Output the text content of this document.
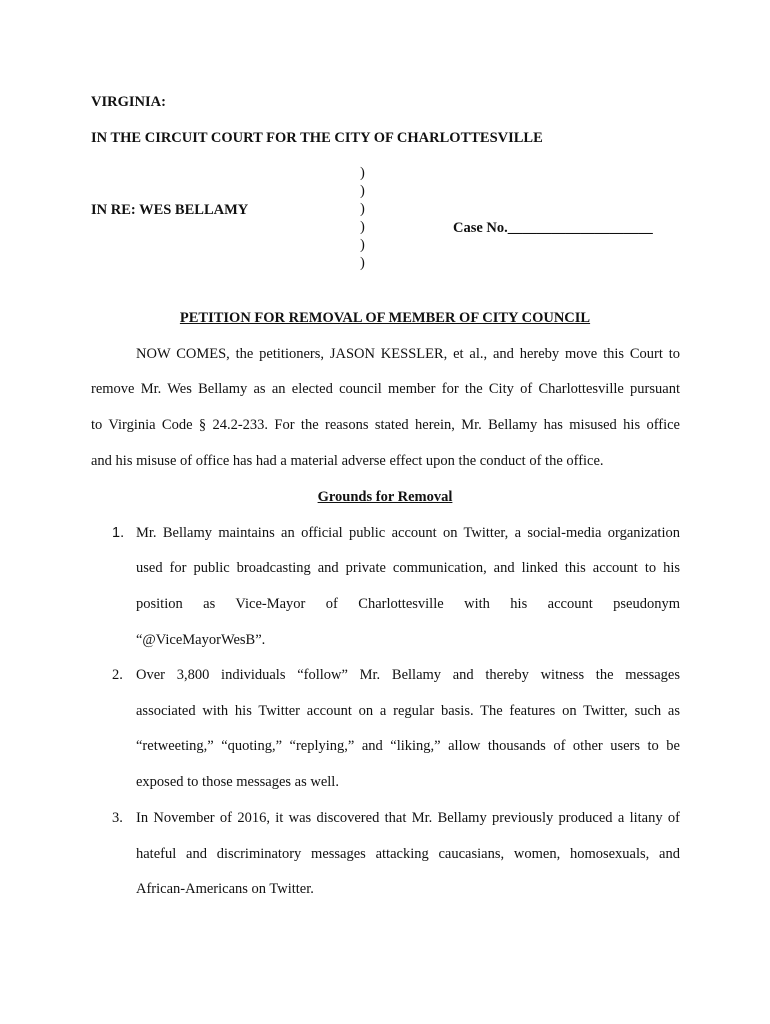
VIRGINIA:
IN THE CIRCUIT COURT FOR THE CITY OF CHARLOTTESVILLE
IN RE: WES BELLAMY
)
)
)
)
)
)
Case No.____________________
PETITION FOR REMOVAL OF MEMBER OF CITY COUNCIL
NOW COMES, the petitioners, JASON KESSLER, et al., and hereby move this Court to
remove Mr. Wes Bellamy as an elected council member for the City of Charlottesville pursuant
to Virginia Code § 24.2-233. For the reasons stated herein, Mr. Bellamy has misused his office
and his misuse of office has had a material adverse effect upon the conduct of the office.
Grounds for Removal
1. Mr. Bellamy maintains an official public account on Twitter, a social-media organization
used for public broadcasting and private communication, and linked this account to his
position as Vice-Mayor of Charlottesville with his account pseudonym
“@ViceMayorWesB”.
2. Over 3,800 individuals “follow” Mr. Bellamy and thereby witness the messages
associated with his Twitter account on a regular basis. The features on Twitter, such as
“retweeting,” “quoting,” “replying,” and “liking,” allow thousands of other users to be
exposed to those messages as well.
3. In November of 2016, it was discovered that Mr. Bellamy previously produced a litany of
hateful and discriminatory messages attacking caucasians, women, homosexuals, and
African-Americans on Twitter.
